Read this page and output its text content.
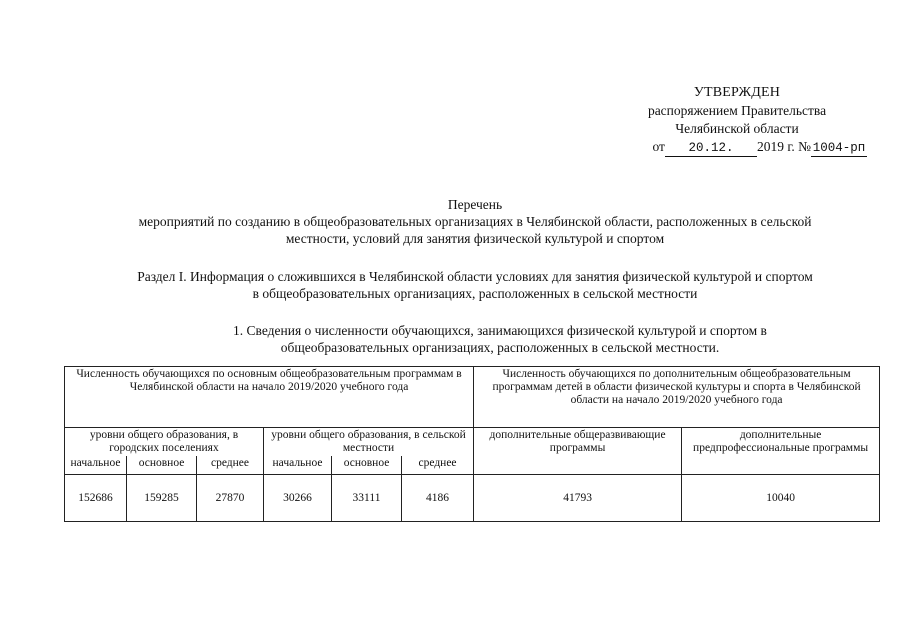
УТВЕРЖДЕН
распоряжением Правительства
Челябинской области
от 20.12. 2019 г. № 1004-рп
Перечень
мероприятий по созданию в общеобразовательных организациях в Челябинской области, расположенных в сельской
местности, условий для занятия физической культурой и спортом
Раздел I. Информация о сложившихся в Челябинской области условиях для занятия физической культурой и спортом
в общеобразовательных организациях, расположенных в сельской местности
1. Сведения о численности обучающихся, занимающихся физической культурой и спортом в
общеобразовательных организациях, расположенных в сельской местности.
Численность обучающихся по основным общеобразовательным программам в Челябинской области на начало 2019/2020 учебного года						Численность обучающихся по дополнительным общеобразовательным программам детей в области физической культуры и спорта в Челябинской области на начало 2019/2020 учебного года	
уровни общего образования, в городских поселениях			уровни общего образования, в сельской местности			дополнительные общеразвивающие программы	дополнительные предпрофессиональные программы
начальное	основное	среднее	начальное	основное	среднее		
152686	159285	27870	30266	33111	4186	41793	10040
